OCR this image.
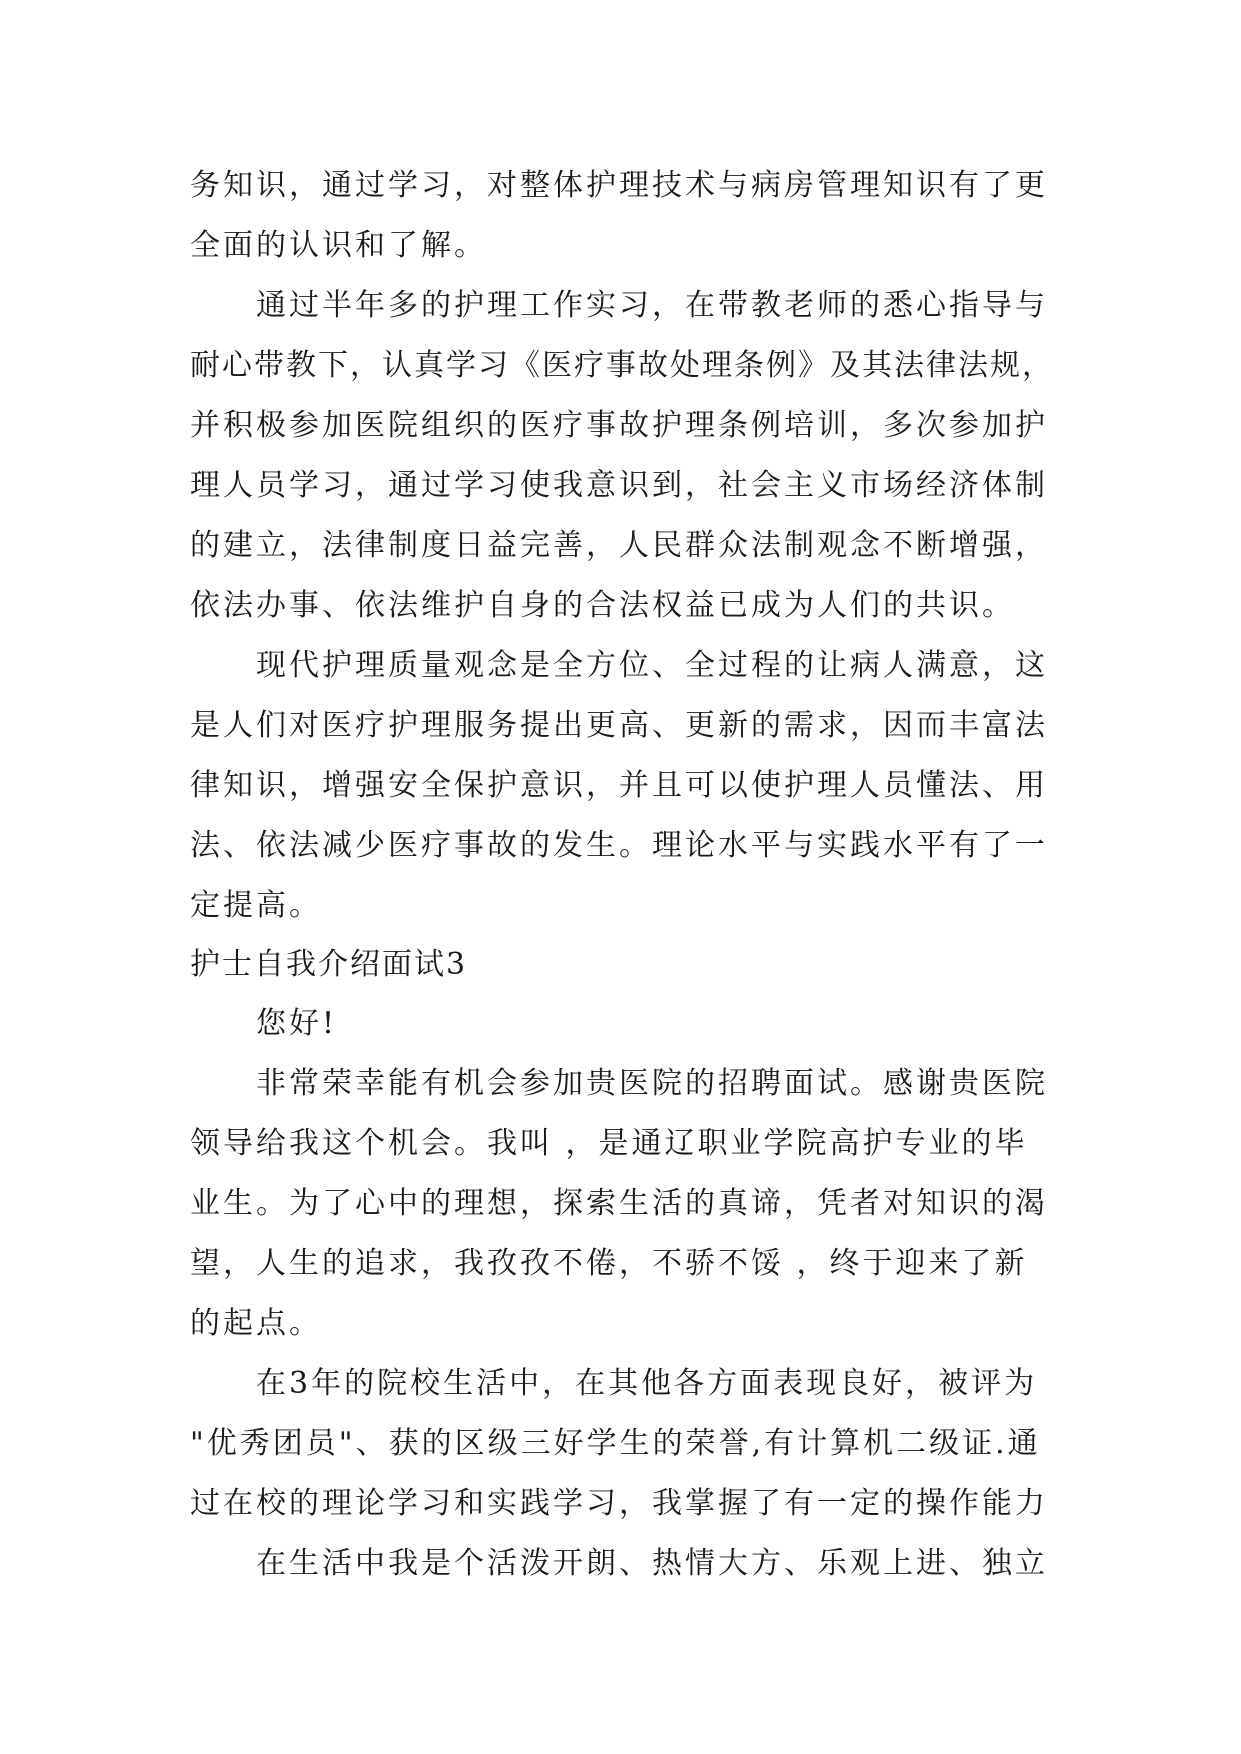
务知识，通过学习，对整体护理技术与病房管理知识有了更
全面的认识和了解。
通过半年多的护理工作实习，在带教老师的悉心指导与
耐心带教下，认真学习《医疗事故处理条例》及其法律法规，
并积极参加医院组织的医疗事故护理条例培训，多次参加护
理人员学习，通过学习使我意识到，社会主义市场经济体制
的建立，法律制度日益完善，人民群众法制观念不断增强，
依法办事、依法维护自身的合法权益已成为人们的共识。
现代护理质量观念是全方位、全过程的让病人满意，这
是人们对医疗护理服务提出更高、更新的需求，因而丰富法
律知识，增强安全保护意识，并且可以使护理人员懂法、用
法、依法减少医疗事故的发生。理论水平与实践水平有了一
定提高。
护士自我介绍面试3
您好!
非常荣幸能有机会参加贵医院的招聘面试。感谢贵医院
领导给我这个机会。我叫 ，是通辽职业学院高护专业的毕
业生。为了心中的理想，探索生活的真谛，凭者对知识的渴
望，人生的追求，我孜孜不倦，不骄不馁 ，终于迎来了新
的起点。
在3年的院校生活中，在其他各方面表现良好，被评为
"优秀团员"、获的区级三好学生的荣誉,有计算机二级证.通
过在校的理论学习和实践学习，我掌握了有一定的操作能力
在生活中我是个活泼开朗、热情大方、乐观上进、独立
